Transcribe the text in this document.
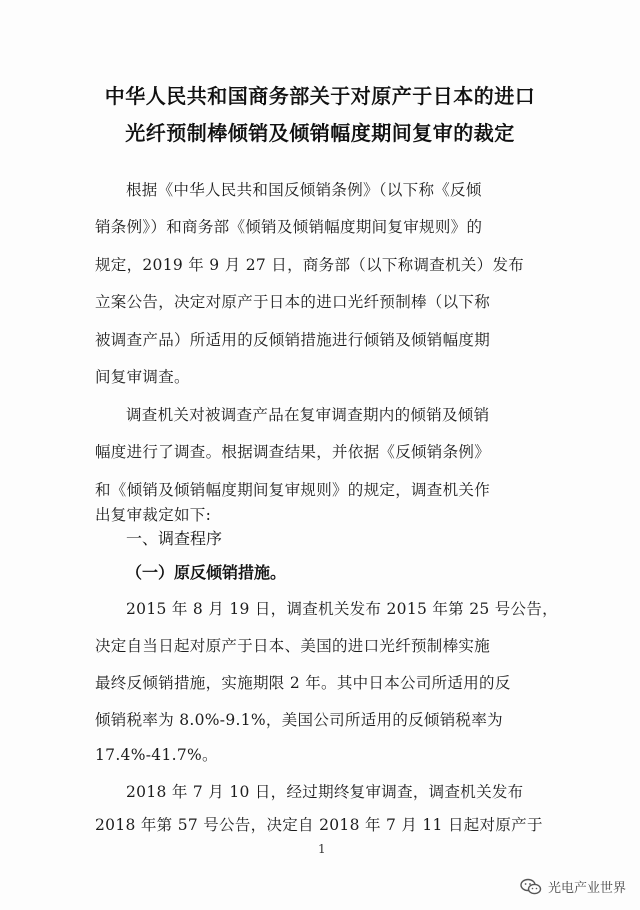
中华人民共和国商务部关于对原产于日本的进口
光纤预制棒倾销及倾销幅度期间复审的裁定
根据《中华人民共和国反倾销条例》（以下称《反倾
销条例》）和商务部《倾销及倾销幅度期间复审规则》的
规定，2019 年 9 月 27 日，商务部（以下称调查机关）发布
立案公告，决定对原产于日本的进口光纤预制棒（以下称
被调查产品）所适用的反倾销措施进行倾销及倾销幅度期
间复审调查。
调查机关对被调查产品在复审调查期内的倾销及倾销
幅度进行了调查。根据调查结果，并依据《反倾销条例》
和《倾销及倾销幅度期间复审规则》的规定，调查机关作
出复审裁定如下:
一、调查程序
（一）原反倾销措施。
2015 年 8 月 19 日，调查机关发布 2015 年第 25 号公告，
决定自当日起对原产于日本、美国的进口光纤预制棒实施
最终反倾销措施，实施期限 2 年。其中日本公司所适用的反
倾销税率为 8.0%-9.1%，美国公司所适用的反倾销税率为
17.4%-41.7%。
2018 年 7 月 10 日，经过期终复审调查，调查机关发布
2018 年第 57 号公告，决定自 2018 年 7 月 11 日起对原产于
1
光电产业世界
